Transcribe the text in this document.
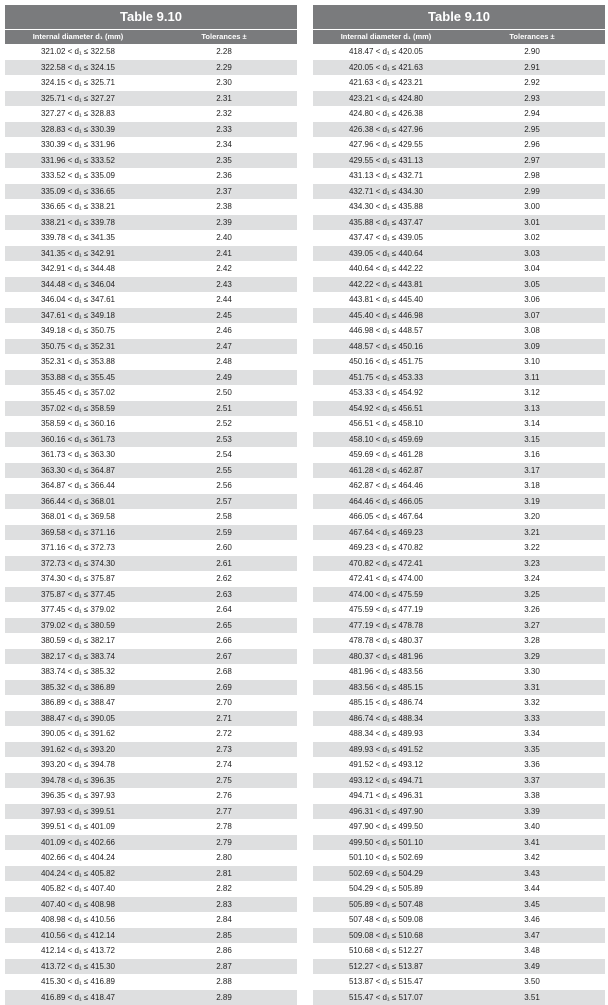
Table 9.10
Internal diameter d₁ (mm)	Tolerances ±
321.02 < d₁ ≤ 322.58	2.28
322.58 < d₁ ≤ 324.15	2.29
324.15 < d₁ ≤ 325.71	2.30
325.71 < d₁ ≤ 327.27	2.31
327.27 < d₁ ≤ 328.83	2.32
328.83 < d₁ ≤ 330.39	2.33
330.39 < d₁ ≤ 331.96	2.34
331.96 < d₁ ≤ 333.52	2.35
333.52 < d₁ ≤ 335.09	2.36
335.09 < d₁ ≤ 336.65	2.37
336.65 < d₁ ≤ 338.21	2.38
338.21 < d₁ ≤ 339.78	2.39
339.78 < d₁ ≤ 341.35	2.40
341.35 < d₁ ≤ 342.91	2.41
342.91 < d₁ ≤ 344.48	2.42
344.48 < d₁ ≤ 346.04	2.43
346.04 < d₁ ≤ 347.61	2.44
347.61 < d₁ ≤ 349.18	2.45
349.18 < d₁ ≤ 350.75	2.46
350.75 < d₁ ≤ 352.31	2.47
352.31 < d₁ ≤ 353.88	2.48
353.88 < d₁ ≤ 355.45	2.49
355.45 < d₁ ≤ 357.02	2.50
357.02 < d₁ ≤ 358.59	2.51
358.59 < d₁ ≤ 360.16	2.52
360.16 < d₁ ≤ 361.73	2.53
361.73 < d₁ ≤ 363.30	2.54
363.30 < d₁ ≤ 364.87	2.55
364.87 < d₁ ≤ 366.44	2.56
366.44 < d₁ ≤ 368.01	2.57
368.01 < d₁ ≤ 369.58	2.58
369.58 < d₁ ≤ 371.16	2.59
371.16 < d₁ ≤ 372.73	2.60
372.73 < d₁ ≤ 374.30	2.61
374.30 < d₁ ≤ 375.87	2.62
375.87 < d₁ ≤ 377.45	2.63
377.45 < d₁ ≤ 379.02	2.64
379.02 < d₁ ≤ 380.59	2.65
380.59 < d₁ ≤ 382.17	2.66
382.17 < d₁ ≤ 383.74	2.67
383.74 < d₁ ≤ 385.32	2.68
385.32 < d₁ ≤ 386.89	2.69
386.89 < d₁ ≤ 388.47	2.70
388.47 < d₁ ≤ 390.05	2.71
390.05 < d₁ ≤ 391.62	2.72
391.62 < d₁ ≤ 393.20	2.73
393.20 < d₁ ≤ 394.78	2.74
394.78 < d₁ ≤ 396.35	2.75
396.35 < d₁ ≤ 397.93	2.76
397.93 < d₁ ≤ 399.51	2.77
399.51 < d₁ ≤ 401.09	2.78
401.09 < d₁ ≤ 402.66	2.79
402.66 < d₁ ≤ 404.24	2.80
404.24 < d₁ ≤ 405.82	2.81
405.82 < d₁ ≤ 407.40	2.82
407.40 < d₁ ≤ 408.98	2.83
408.98 < d₁ ≤ 410.56	2.84
410.56 < d₁ ≤ 412.14	2.85
412.14 < d₁ ≤ 413.72	2.86
413.72 < d₁ ≤ 415.30	2.87
415.30 < d₁ ≤ 416.89	2.88
416.89 < d₁ ≤ 418.47	2.89
Table 9.10
Internal diameter d₁ (mm)	Tolerances ±
418.47 < d₁ ≤ 420.05	2.90
420.05 < d₁ ≤ 421.63	2.91
421.63 < d₁ ≤ 423.21	2.92
423.21 < d₁ ≤ 424.80	2.93
424.80 < d₁ ≤ 426.38	2.94
426.38 < d₁ ≤ 427.96	2.95
427.96 < d₁ ≤ 429.55	2.96
429.55 < d₁ ≤ 431.13	2.97
431.13 < d₁ ≤ 432.71	2.98
432.71 < d₁ ≤ 434.30	2.99
434.30 < d₁ ≤ 435.88	3.00
435.88 < d₁ ≤ 437.47	3.01
437.47 < d₁ ≤ 439.05	3.02
439.05 < d₁ ≤ 440.64	3.03
440.64 < d₁ ≤ 442.22	3.04
442.22 < d₁ ≤ 443.81	3.05
443.81 < d₁ ≤ 445.40	3.06
445.40 < d₁ ≤ 446.98	3.07
446.98 < d₁ ≤ 448.57	3.08
448.57 < d₁ ≤ 450.16	3.09
450.16 < d₁ ≤ 451.75	3.10
451.75 < d₁ ≤ 453.33	3.11
453.33 < d₁ ≤ 454.92	3.12
454.92 < d₁ ≤ 456.51	3.13
456.51 < d₁ ≤ 458.10	3.14
458.10 < d₁ ≤ 459.69	3.15
459.69 < d₁ ≤ 461.28	3.16
461.28 < d₁ ≤ 462.87	3.17
462.87 < d₁ ≤ 464.46	3.18
464.46 < d₁ ≤ 466.05	3.19
466.05 < d₁ ≤ 467.64	3.20
467.64 < d₁ ≤ 469.23	3.21
469.23 < d₁ ≤ 470.82	3.22
470.82 < d₁ ≤ 472.41	3.23
472.41 < d₁ ≤ 474.00	3.24
474.00 < d₁ ≤ 475.59	3.25
475.59 < d₁ ≤ 477.19	3.26
477.19 < d₁ ≤ 478.78	3.27
478.78 < d₁ ≤ 480.37	3.28
480.37 < d₁ ≤ 481.96	3.29
481.96 < d₁ ≤ 483.56	3.30
483.56 < d₁ ≤ 485.15	3.31
485.15 < d₁ ≤ 486.74	3.32
486.74 < d₁ ≤ 488.34	3.33
488.34 < d₁ ≤ 489.93	3.34
489.93 < d₁ ≤ 491.52	3.35
491.52 < d₁ ≤ 493.12	3.36
493.12 < d₁ ≤ 494.71	3.37
494.71 < d₁ ≤ 496.31	3.38
496.31 < d₁ ≤ 497.90	3.39
497.90 < d₁ ≤ 499.50	3.40
499.50 < d₁ ≤ 501.10	3.41
501.10 < d₁ ≤ 502.69	3.42
502.69 < d₁ ≤ 504.29	3.43
504.29 < d₁ ≤ 505.89	3.44
505.89 < d₁ ≤ 507.48	3.45
507.48 < d₁ ≤ 509.08	3.46
509.08 < d₁ ≤ 510.68	3.47
510.68 < d₁ ≤ 512.27	3.48
512.27 < d₁ ≤ 513.87	3.49
513.87 < d₁ ≤ 515.47	3.50
515.47 < d₁ ≤ 517.07	3.51
